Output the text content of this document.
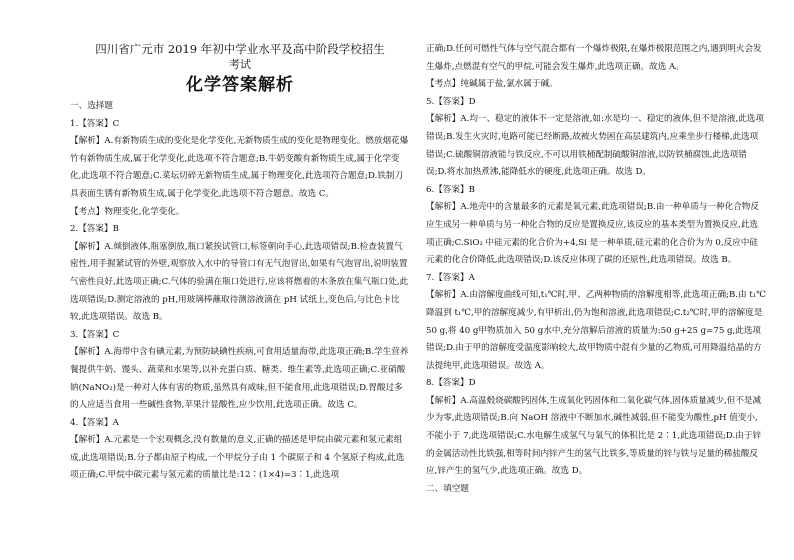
四川省广元市 2019 年初中学业水平及高中阶段学校招生
考试
化学答案解析
一、选择题
1.【答案】C
【解析】A.有新物质生成的变化是化学变化,无新物质生成的变化是物理变化。燃放烟花爆竹有新物质生成,属于化学变化,此选项不符合题意;B.牛奶变酸有新物质生成,属于化学变化,此选项不符合题意;C.菜坛切碎无新物质生成,属于物理变化,此选项符合题意;D.铁制刀具表面生锈有新物质生成,属于化学变化,此选项不符合题意。故选 C。
【考点】物理变化,化学变化。
2.【答案】B
【解析】A.倾倒液体,瓶塞倒放,瓶口紧挨试管口,标签朝向手心,此选项错误;B.检查装置气密性,用手握紧试管的外壁,观察放入水中的导管口有无气泡冒出,如果有气泡冒出,说明装置气密性良好,此选项正确;C.气体的验满在瓶口处进行,应该将燃着的木条放在集气瓶口处,此选项错误;D.测定溶液的 pH,用玻璃棒蘸取待测溶液滴在 pH 试纸上,变色后,与比色卡比较,此选项错误。故选 B。
3.【答案】C
【解析】A.海带中含有碘元素,为预防缺碘性疾病,可食用适量海带,此选项正确;B.学生营养餐提供牛奶、馒头、蔬菜和水果等,以补充蛋白质、糖类、维生素等,此选项正确;C.亚硝酸钠(NaNO₂)是一种对人体有害的物质,虽然具有咸味,但不能食用,此选项错误;D.胃酸过多的人应适当食用一些碱性食物,苹果汁显酸性,应少饮用,此选项正确。故选 C。
4.【答案】A
【解析】A.元素是一个宏观概念,没有数量的意义,正确的描述是甲烷由碳元素和氢元素组成,此选项错误;B.分子都由原子构成,一个甲烷分子由 1 个碳原子和 4 个氢原子构成,此选项正确;C.甲烷中碳元素与氢元素的质量比是:12∶(1×4)=3∶1,此选项
正确;D.任何可燃性气体与空气混合都有一个爆炸极限,在爆炸极限范围之内,遇到明火会发生爆炸,点燃混有空气的甲烷,可能会发生爆炸,此选项正确。故选 A。
【考点】纯碱属于盐,氯水属于碱。
5.【答案】D
【解析】A.均一、稳定的液体不一定是溶液,如:水是均一、稳定的液体,但不是溶液,此选项错误;B.发生火灾时,电路可能已经断路,故被火势困在高层建筑内,应乘坐步行楼梯,此选项错误;C.硫酸铜溶液能与铁反应,不可以用铁桶配制硫酸铜溶液,以防铁桶腐蚀,此选项错误;D.将水加热煮沸,能降低水的硬度,此选项正确。故选 D。
6.【答案】B
【解析】A.地壳中的含量最多的元素是氧元素,此选项错误;B.由一种单质与一种化合物反应生成另一种单质与另一种化合物的反应是置换反应,该反应的基本类型为置换反应,此选项正确;C.SiO₂ 中硅元素的化合价为+4,Si 是一种单质,硅元素的化合价为为 0,反应中硅元素的化合价降低,此选项错误;D.该反应体现了碳的还原性,此选项错误。故选 B。
7.【答案】A
【解析】A.由溶解度曲线可知,t₁℃时,甲、乙两种物质的溶解度相等,此选项正确;B.由 t₁℃降温到 t₁℃,甲的溶解度减少,有甲析出,仍为饱和溶液,此选项错误;C.t₂℃时,甲的溶解度是 50 g,将 40 g甲物质加入 50 g水中,充分溶解后溶液的质量为:50 g+25 g=75 g,此选项错误;D.由于甲的溶解度受温度影响较大,故甲物质中混有少量的乙物质,可用降温结晶的方法提纯甲,此选项错误。故选 A。
8.【答案】D
【解析】A.高温煅烧碳酸钙固体,生成氧化钙固体和二氧化碳气体,固体质量减少,但不是减少为零,此选项错误;B.向 NaOH 溶液中不断加水,碱性减弱,但不能变为酸性,pH 值变小,不能小于 7,此选项错误;C.水电解生成氢气与氧气的体积比是 2∶1,此选项错误;D.由于锌的金属活动性比铁强,相等时间内锌产生的氢气比铁多,等质量的锌与铁与足量的稀盐酸反应,锌产生的氢气少,此选项正确。故选 D。
二、填空题
